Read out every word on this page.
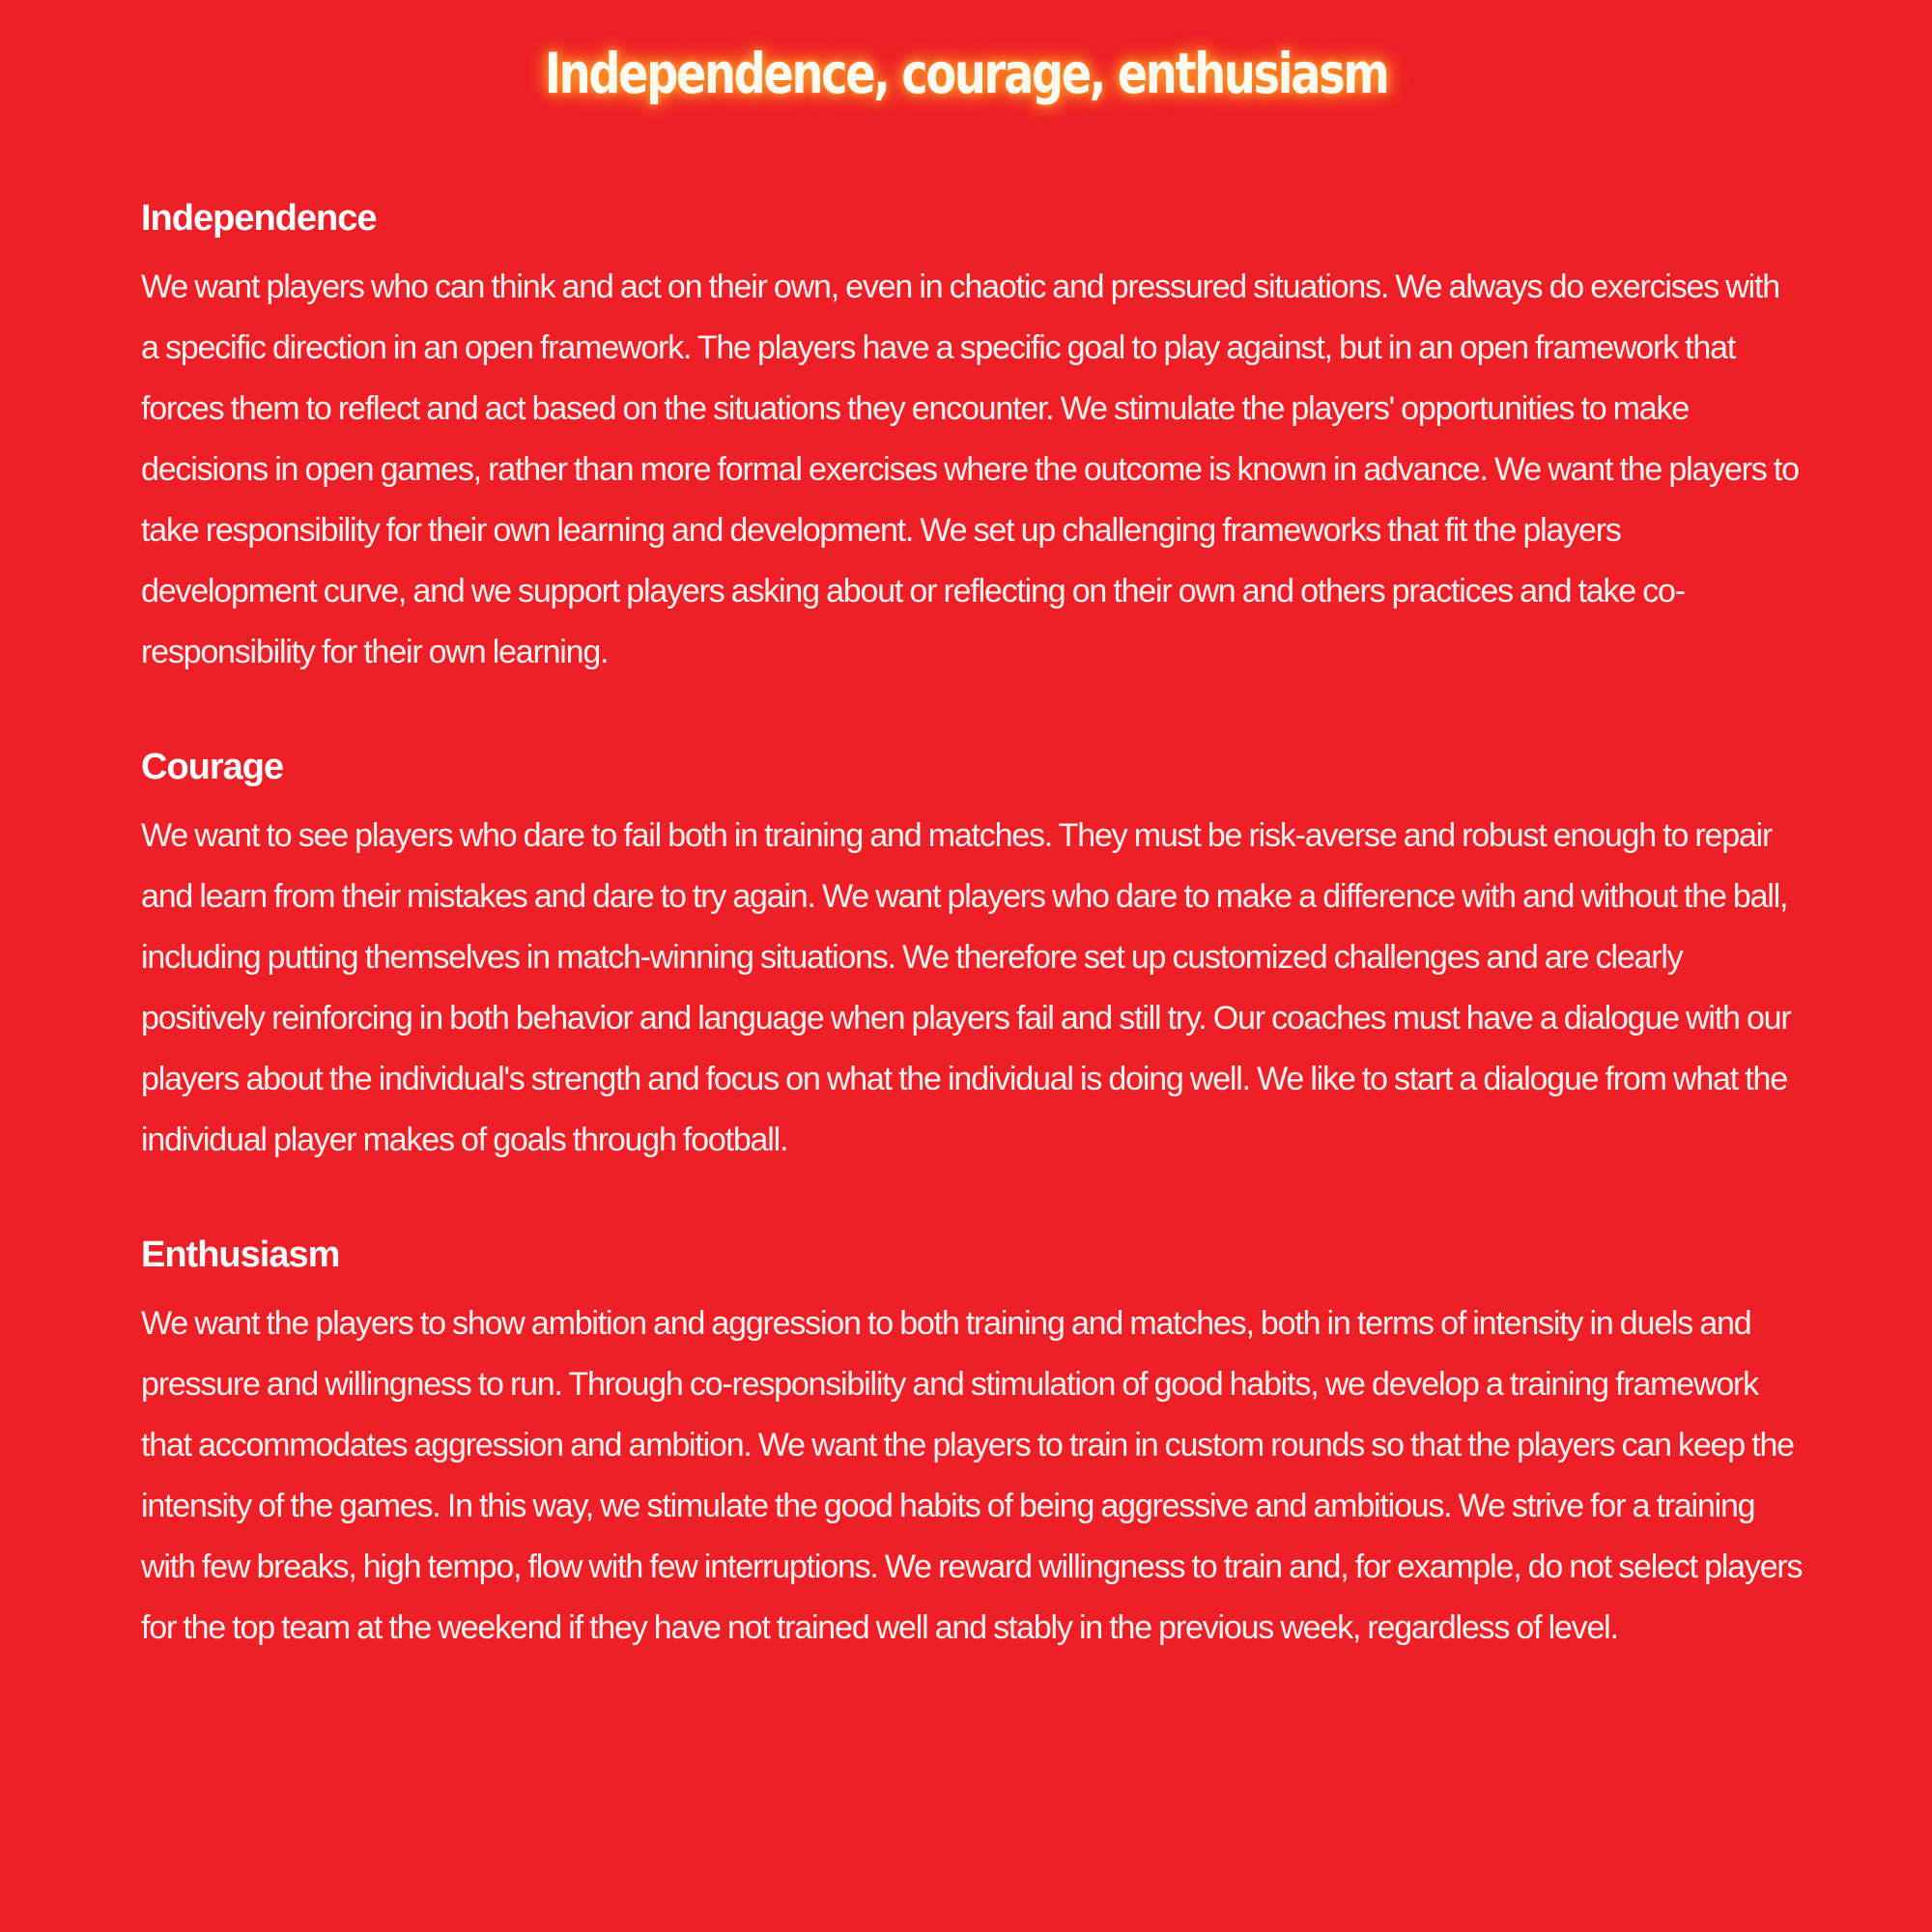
Independence, courage, enthusiasm
Independence

We want players who can think and act on their own, even in chaotic and pressured situations. We always do exercises with a specific direction in an open framework. The players have a specific goal to play against, but in an open framework that forces them to reflect and act based on the situations they encounter. We stimulate the players' opportunities to make decisions in open games, rather than more formal exercises where the outcome is known in advance. We want the players to take responsibility for their own learning and development. We set up challenging frameworks that fit the players development curve, and we support players asking about or reflecting on their own and others practices and take co-responsibility for their own learning.

Courage

We want to see players who dare to fail both in training and matches. They must be risk-averse and robust enough to repair and learn from their mistakes and dare to try again. We want players who dare to make a difference with and without the ball, including putting themselves in match-winning situations. We therefore set up customized challenges and are clearly positively reinforcing in both behavior and language when players fail and still try. Our coaches must have a dialogue with our players about the individual's strength and focus on what the individual is doing well. We like to start a dialogue from what the individual player makes of goals through football.

Enthusiasm

We want the players to show ambition and aggression to both training and matches, both in terms of intensity in duels and pressure and willingness to run. Through co-responsibility and stimulation of good habits, we develop a training framework that accommodates aggression and ambition. We want the players to train in custom rounds so that the players can keep the intensity of the games. In this way, we stimulate the good habits of being aggressive and ambitious. We strive for a training with few breaks, high tempo, flow with few interruptions. We reward willingness to train and, for example, do not select players for the top team at the weekend if they have not trained well and stably in the previous week, regardless of level.
